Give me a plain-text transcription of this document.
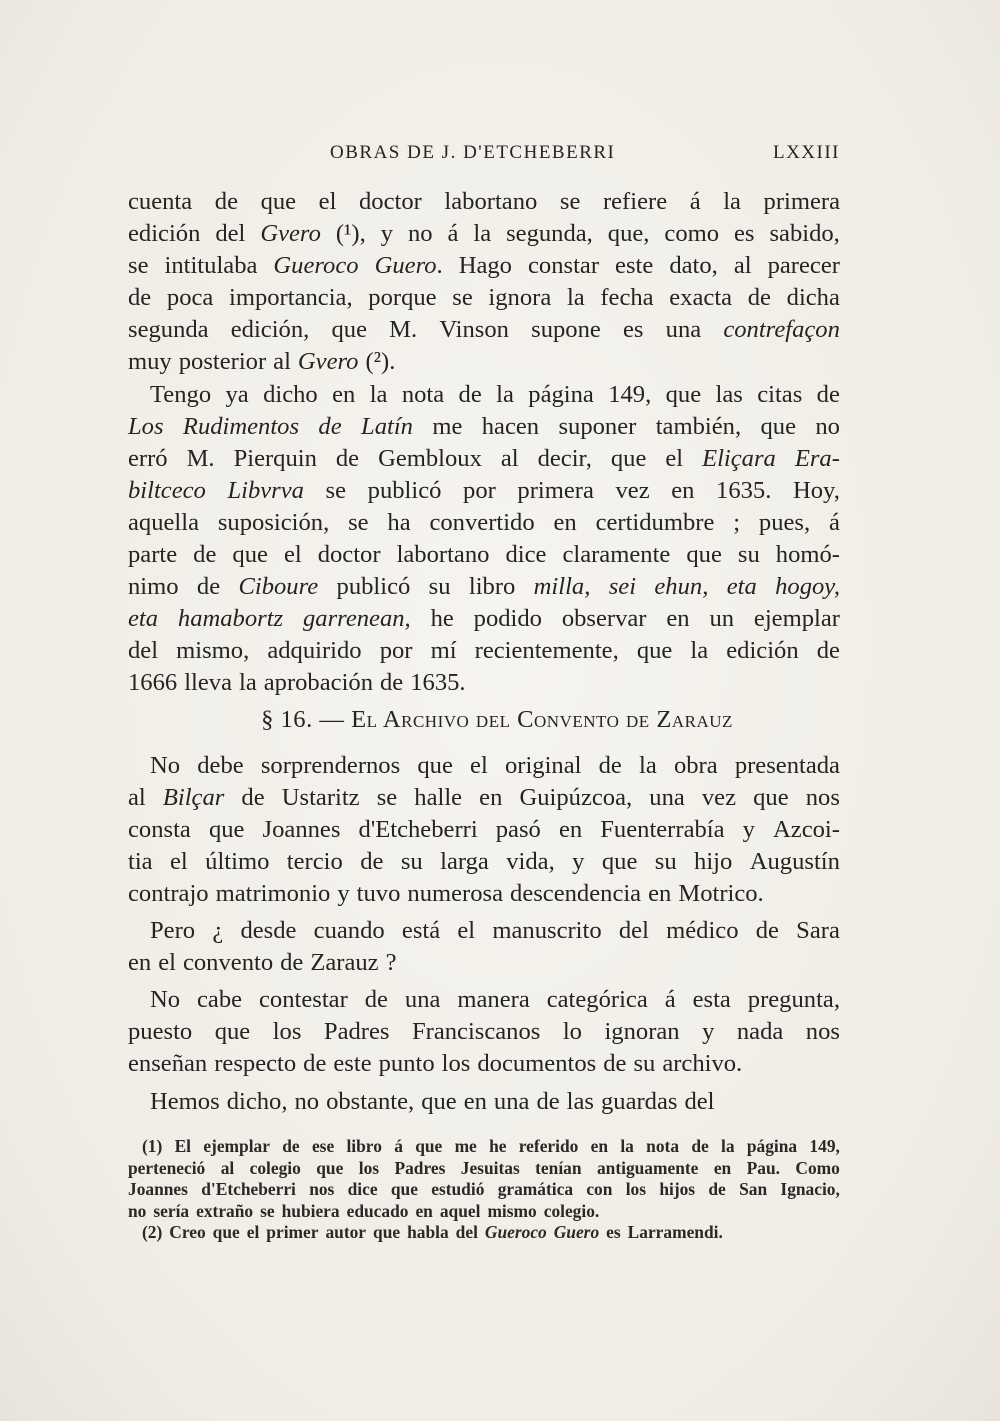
OBRAS DE J. D'ETCHEBERRI	LXXIII
cuenta de que el doctor labortano se refiere á la primera
edición del Gvero (¹), y no á la segunda, que, como es sabido,
se intitulaba Gueroco Guero. Hago constar este dato, al parecer
de poca importancia, porque se ignora la fecha exacta de dicha
segunda edición, que M. Vinson supone es una contrefaçon
muy posterior al Gvero (²).
Tengo ya dicho en la nota de la página 149, que las citas de
Los Rudimentos de Latín me hacen suponer también, que no
erró M. Pierquin de Gembloux al decir, que el Eliçara Era-
biltceco Libvrva se publicó por primera vez en 1635. Hoy,
aquella suposición, se ha convertido en certidumbre ; pues, á
parte de que el doctor labortano dice claramente que su homó-
nimo de Ciboure publicó su libro milla, sei ehun, eta hogoy,
eta hamabortz garrenean, he podido observar en un ejemplar
del mismo, adquirido por mí recientemente, que la edición de
1666 lleva la aprobación de 1635.
§ 16. — El Archivo del Convento de Zarauz
No debe sorprendernos que el original de la obra presentada
al Bilçar de Ustaritz se halle en Guipúzcoa, una vez que nos
consta que Joannes d'Etcheberri pasó en Fuenterrabía y Azcoi-
tia el último tercio de su larga vida, y que su hijo Augustín
contrajo matrimonio y tuvo numerosa descendencia en Motrico.
Pero ¿ desde cuando está el manuscrito del médico de Sara
en el convento de Zarauz ?
No cabe contestar de una manera categórica á esta pregunta,
puesto que los Padres Franciscanos lo ignoran y nada nos
enseñan respecto de este punto los documentos de su archivo.
Hemos dicho, no obstante, que en una de las guardas del
(1) El ejemplar de ese libro á que me he referido en la nota de la página 149,
perteneció al colegio que los Padres Jesuitas tenían antiguamente en Pau. Como
Joannes d'Etcheberri nos dice que estudió gramática con los hijos de San Ignacio,
no sería extraño se hubiera educado en aquel mismo colegio.
(2) Creo que el primer autor que habla del Gueroco Guero es Larramendi.
